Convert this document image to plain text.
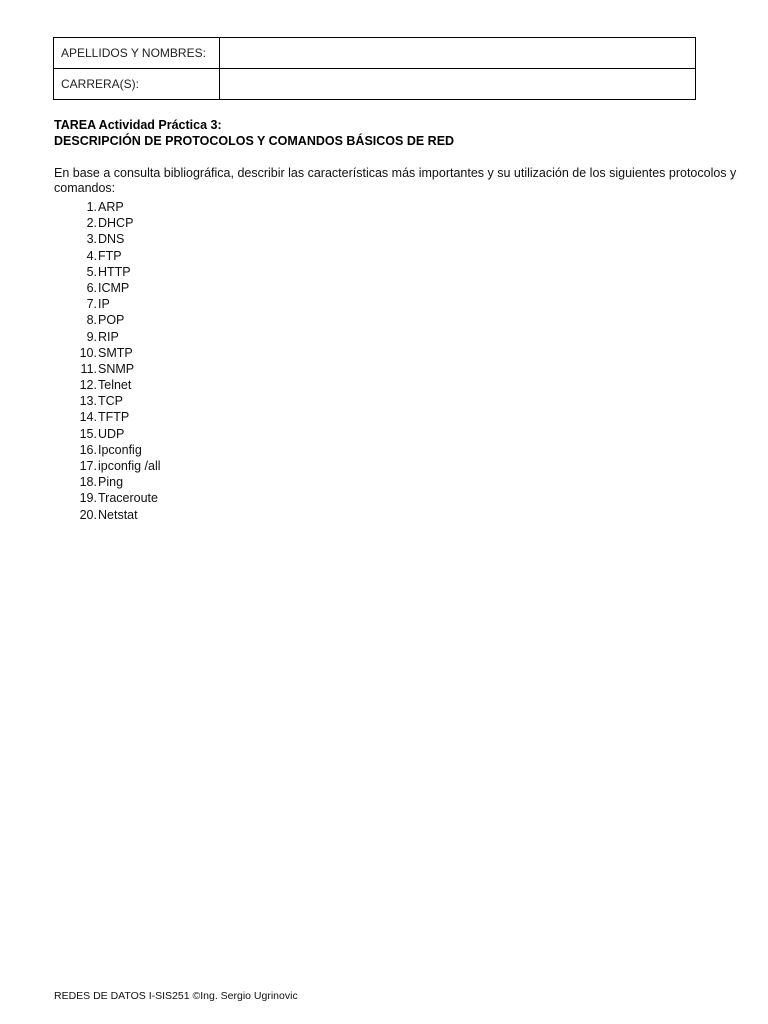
APELLIDOS Y NOMBRES:	
CARRERA(S):	
TAREA Actividad Práctica 3:
DESCRIPCIÓN DE PROTOCOLOS Y COMANDOS BÁSICOS DE RED
En base a consulta bibliográfica, describir las características más importantes y su utilización de los siguientes protocolos y comandos:
1. ARP
2. DHCP
3. DNS
4. FTP
5. HTTP
6. ICMP
7. IP
8. POP
9. RIP
10. SMTP
11. SNMP
12. Telnet
13. TCP
14. TFTP
15. UDP
16. Ipconfig
17. ipconfig /all
18. Ping
19. Traceroute
20. Netstat
REDES DE DATOS I-SIS251 ©Ing. Sergio Ugrinovic
